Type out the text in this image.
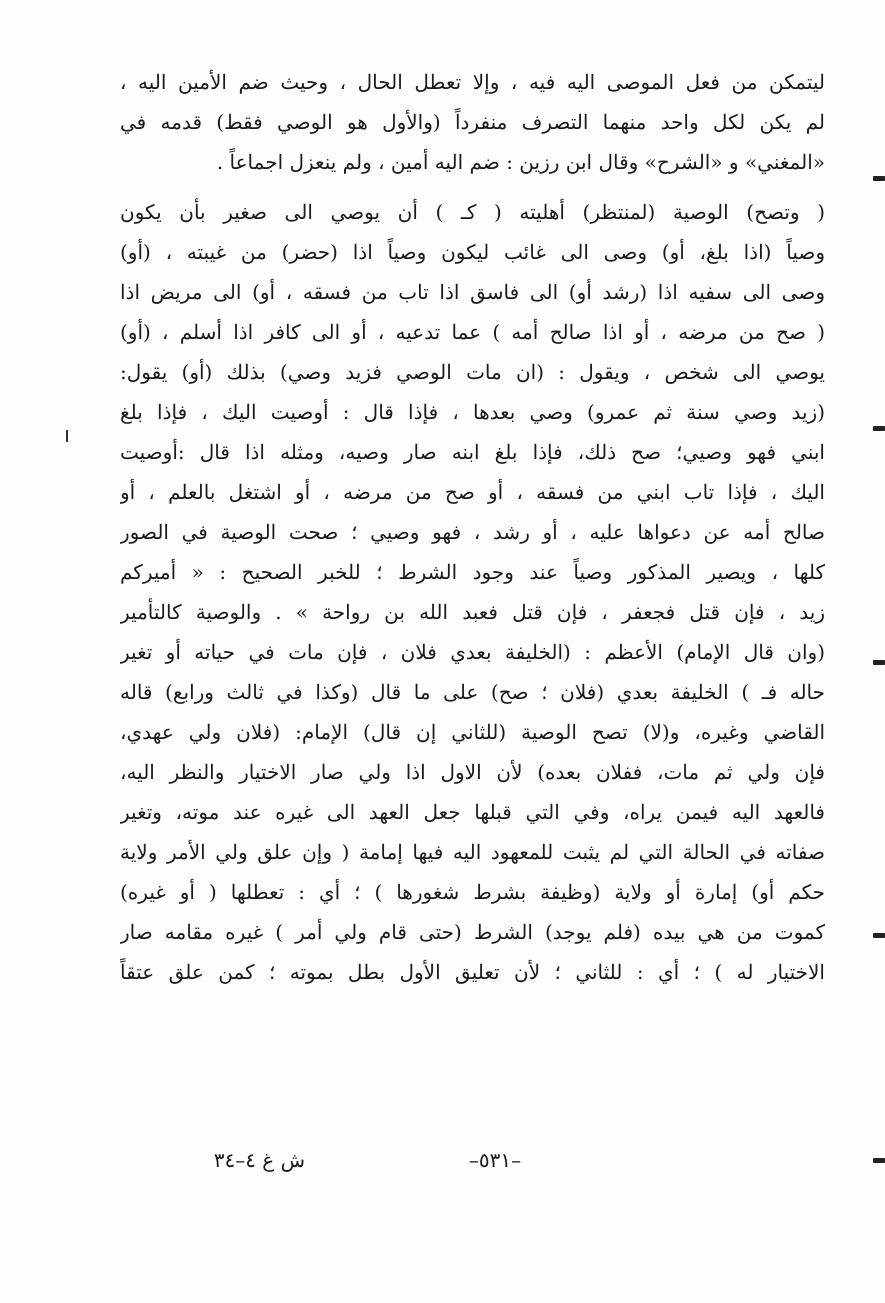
ليتمكن من فعل الموصى اليه فيه ، وإلا تعطل الحال ، وحيث ضم الأمين اليه ،
لم يكن لكل واحد منهما التصرف منفرداً (والأول هو الوصي فقط) قدمه في
«المغني» و «الشرح» وقال ابن رزين : ضم اليه أمين ، ولم ينعزل اجماعاً .
( وتصح) الوصية (لمنتظر) أهليته ( كـ ) أن يوصي الى صغير بأن يكون
وصياً (اذا بلغ، أو) وصى الى غائب ليكون وصياً اذا (حضر) من غيبته ، (أو)
وصى الى سفيه اذا (رشد أو) الى فاسق اذا تاب من فسقه ، أو) الى مريض اذا
( صح من مرضه ، أو اذا صالح أمه ) عما تدعيه ، أو الى كافر اذا أسلم ، (أو)
يوصي الى شخص ، ويقول : (ان مات الوصي فزيد وصي) بذلك (أو) يقول:
(زيد وصي سنة ثم عمرو) وصي بعدها ، فإذا قال : أوصيت اليك ، فإذا بلغ
ابني فهو وصيي؛ صح ذلك، فإذا بلغ ابنه صار وصيه، ومثله اذا قال :أوصيت
اليك ، فإذا تاب ابني من فسقه ، أو صح من مرضه ، أو اشتغل بالعلم ، أو
صالح أمه عن دعواها عليه ، أو رشد ، فهو وصيي ؛ صحت الوصية في الصور
كلها ، ويصير المذكور وصياً عند وجود الشرط ؛ للخبر الصحيح : « أميركم
زيد ، فإن قتل فجعفر ، فإن قتل فعبد الله بن رواحة » . والوصية كالتأمير
(وان قال الإمام) الأعظم : (الخليفة بعدي فلان ، فإن مات في حياته أو تغير
حاله فـ ) الخليفة بعدي (فلان ؛ صح) على ما قال (وكذا في ثالث ورابع) قاله
القاضي وغيره، و(لا) تصح الوصية (للثاني إن قال) الإمام: (فلان ولي عهدي،
فإن ولي ثم مات، ففلان بعده) لأن الاول اذا ولي صار الاختيار والنظر اليه،
فالعهد اليه فيمن يراه، وفي التي قبلها جعل العهد الى غيره عند موته، وتغير
صفاته في الحالة التي لم يثبت للمعهود اليه فيها إمامة ( وإن علق ولي الأمر ولاية
حكم أو) إمارة أو ولاية (وظيفة بشرط شغورها ) ؛ أي : تعطلها ( أو غيره)
كموت من هي بيده (فلم يوجد) الشرط (حتى قام ولي أمر ) غيره مقامه صار
الاختيار له ) ؛ أي : للثاني ؛ لأن تعليق الأول بطل بموته ؛ كمن علق عتقاً
ش غ ٤–٣٤	–٥٣١–
